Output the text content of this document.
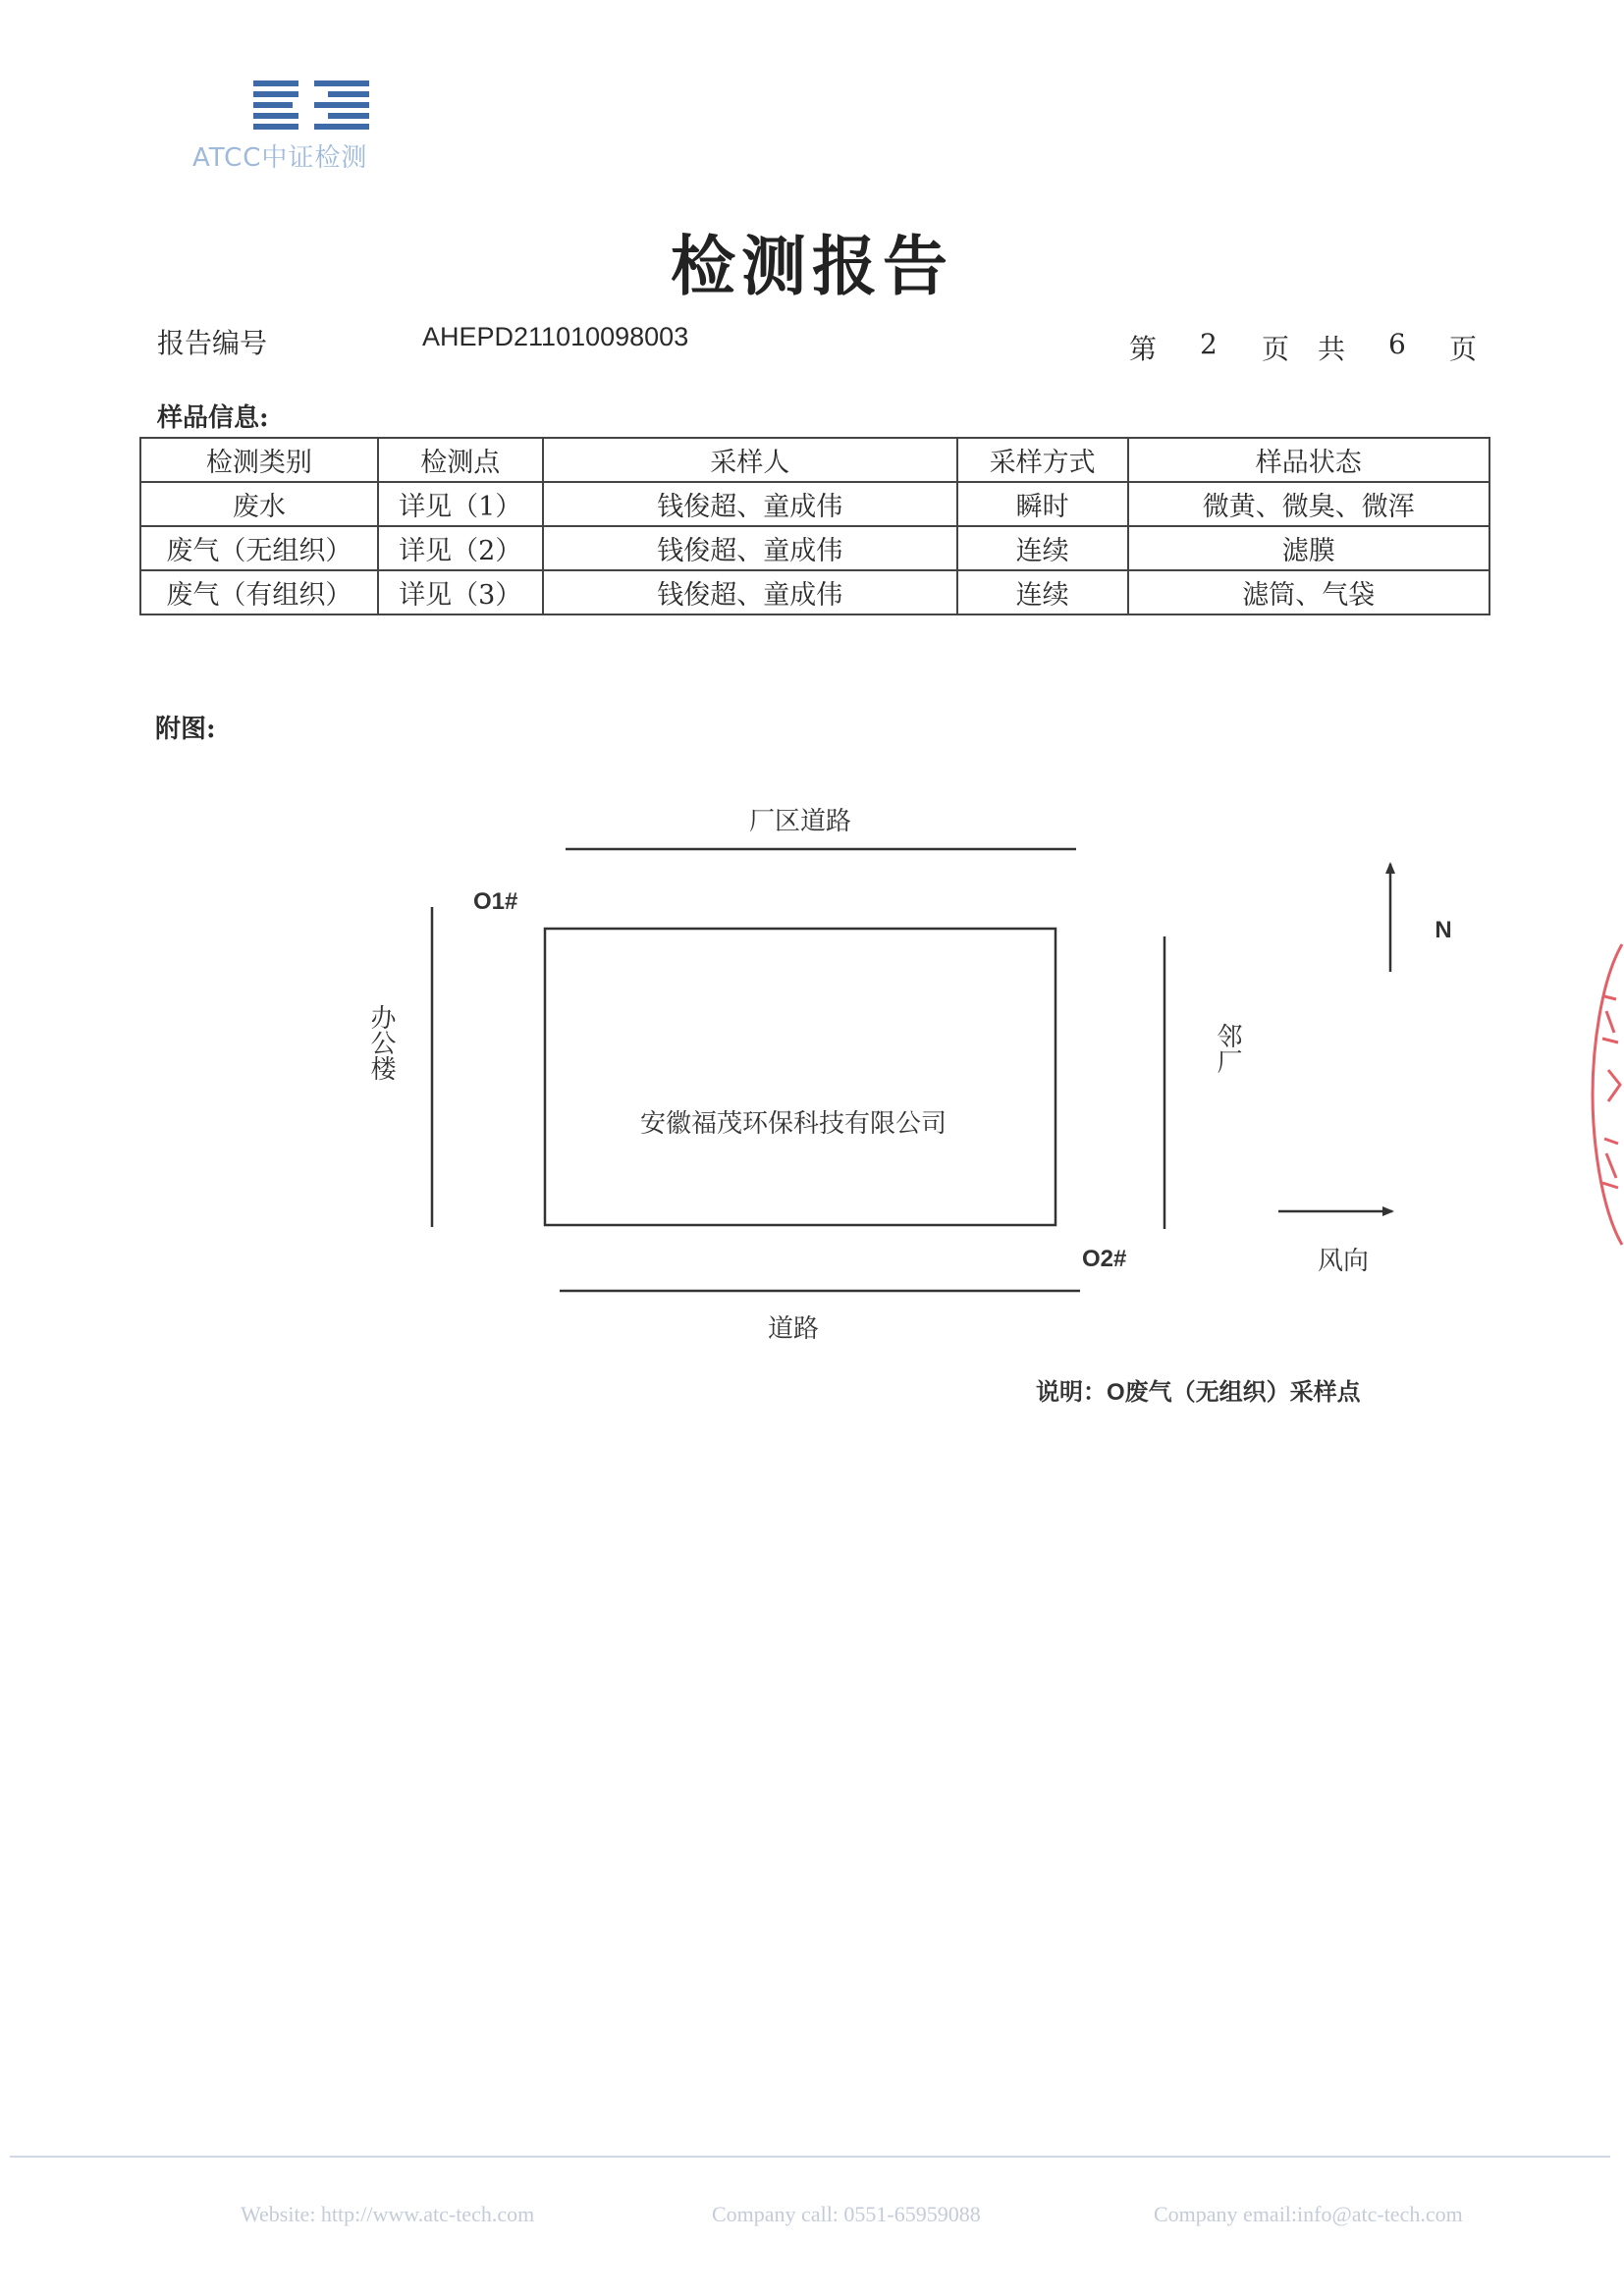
ATCC中证检测
检测报告
报告编号	AHEPD211010098003	第 2 页 共 6 页
样品信息:
检测类别	检测点	采样人	采样方式	样品状态
废水	详见（1）	钱俊超、童成伟	瞬时	微黄、微臭、微浑
废气（无组织）	详见（2）	钱俊超、童成伟	连续	滤膜
废气（有组织）	详见（3）	钱俊超、童成伟	连续	滤筒、气袋
附图:
厂区道路
O1#
办公楼
安徽福茂环保科技有限公司
邻厂
O2#
道路
N
风向
说明：O废气（无组织）采样点
Website: http://www.atc-tech.com	Company call: 0551-65959088	Company email:info@atc-tech.com
